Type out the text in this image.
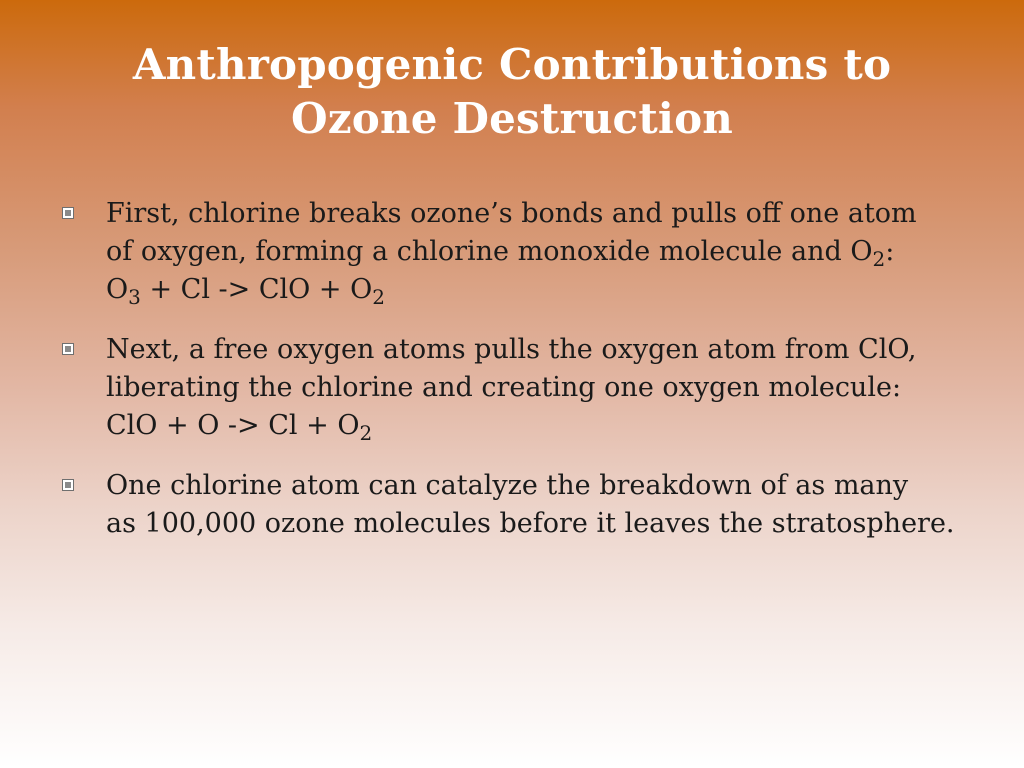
Anthropogenic Contributions to
Ozone Destruction
First, chlorine breaks ozone’s bonds and pulls off one atom
of oxygen, forming a chlorine monoxide molecule and $O_2$:
$O_3 + Cl$ -> ClO + $O_2$
Next, a free oxygen atoms pulls the oxygen atom from ClO,
liberating the chlorine and creating one oxygen molecule:
ClO + $O -> Cl + O_2$
One chlorine atom can catalyze the breakdown of as many
as 100,000 ozone molecules before it leaves the stratosphere.
